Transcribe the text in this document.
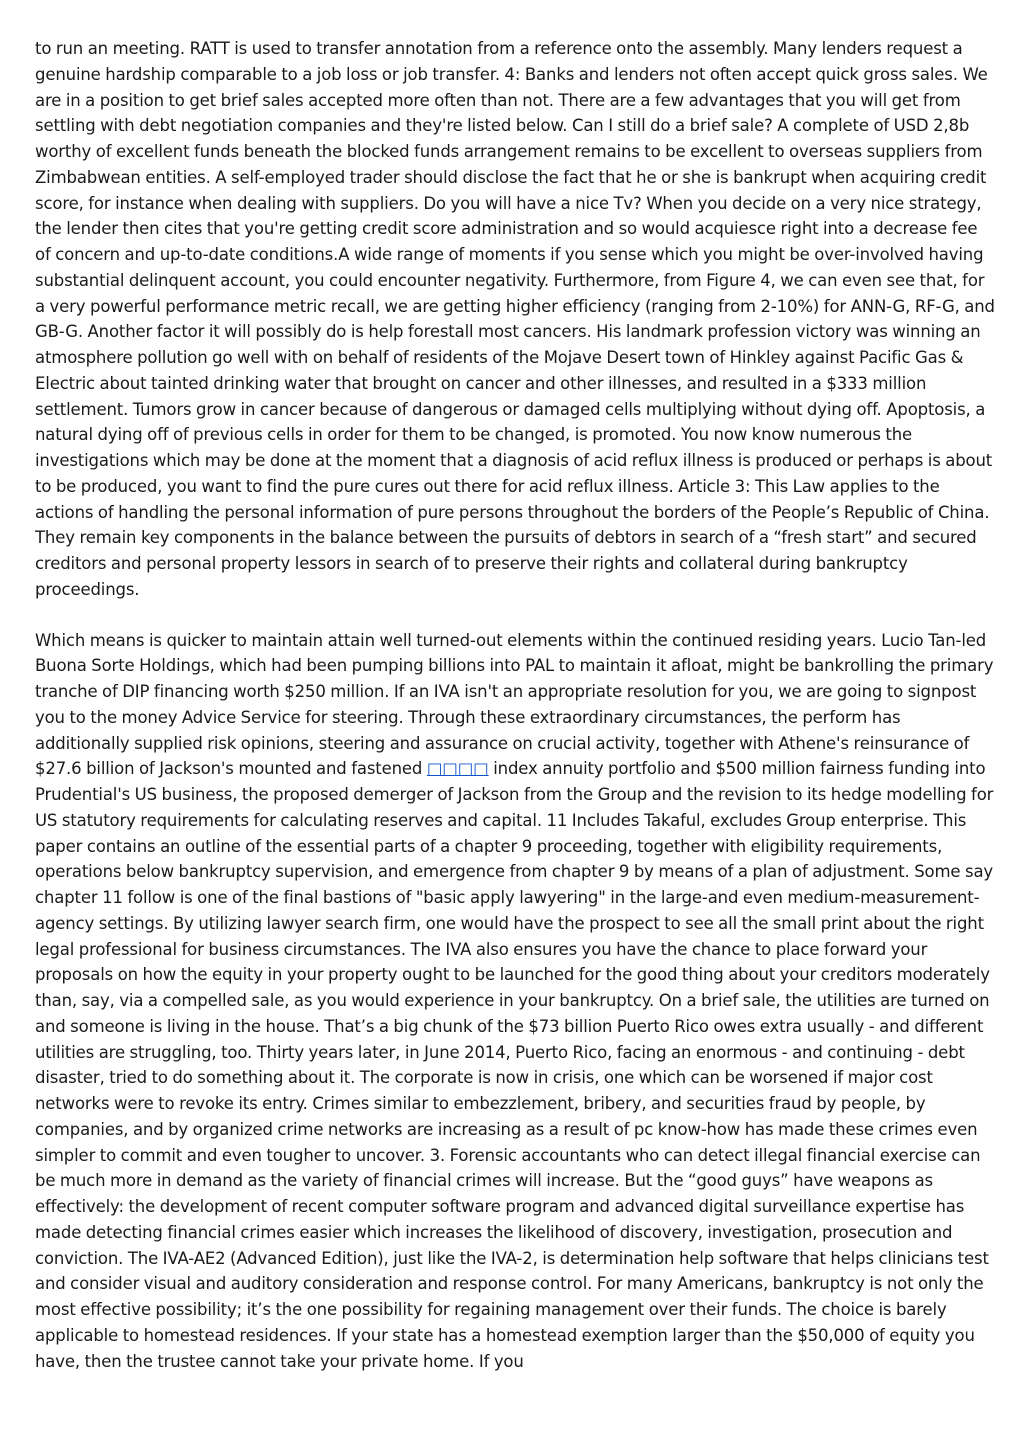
to run an meeting. RATT is used to transfer annotation from a reference onto the assembly. Many lenders request a genuine hardship comparable to a job loss or job transfer. 4: Banks and lenders not often accept quick gross sales. We are in a position to get brief sales accepted more often than not. There are a few advantages that you will get from settling with debt negotiation companies and they're listed below. Can I still do a brief sale? A complete of USD 2,8b worthy of excellent funds beneath the blocked funds arrangement remains to be excellent to overseas suppliers from Zimbabwean entities. A self-employed trader should disclose the fact that he or she is bankrupt when acquiring credit score, for instance when dealing with suppliers. Do you will have a nice Tv? When you decide on a very nice strategy, the lender then cites that you're getting credit score administration and so would acquiesce right into a decrease fee of concern and up-to-date conditions.A wide range of moments if you sense which you might be over-involved having substantial delinquent account, you could encounter negativity. Furthermore, from Figure 4, we can even see that, for a very powerful performance metric recall, we are getting higher efficiency (ranging from 2-10%) for ANN-G, RF-G, and GB-G. Another factor it will possibly do is help forestall most cancers. His landmark profession victory was winning an atmosphere pollution go well with on behalf of residents of the Mojave Desert town of Hinkley against Pacific Gas & Electric about tainted drinking water that brought on cancer and other illnesses, and resulted in a $333 million settlement. Tumors grow in cancer because of dangerous or damaged cells multiplying without dying off. Apoptosis, a natural dying off of previous cells in order for them to be changed, is promoted. You now know numerous the investigations which may be done at the moment that a diagnosis of acid reflux illness is produced or perhaps is about to be produced, you want to find the pure cures out there for acid reflux illness. Article 3: This Law applies to the actions of handling the personal information of pure persons throughout the borders of the People’s Republic of China. They remain key components in the balance between the pursuits of debtors in search of a “fresh start” and secured creditors and personal property lessors in search of to preserve their rights and collateral during bankruptcy proceedings.

Which means is quicker to maintain attain well turned-out elements within the continued residing years. Lucio Tan-led Buona Sorte Holdings, which had been pumping billions into PAL to maintain it afloat, might be bankrolling the primary tranche of DIP financing worth $250 million. If an IVA isn't an appropriate resolution for you, we are going to signpost you to the money Advice Service for steering. Through these extraordinary circumstances, the perform has additionally supplied risk opinions, steering and assurance on crucial activity, together with Athene's reinsurance of $27.6 billion of Jackson's mounted and fastened □□□□ index annuity portfolio and $500 million fairness funding into Prudential's US business, the proposed demerger of Jackson from the Group and the revision to its hedge modelling for US statutory requirements for calculating reserves and capital. 11 Includes Takaful, excludes Group enterprise. This paper contains an outline of the essential parts of a chapter 9 proceeding, together with eligibility requirements, operations below bankruptcy supervision, and emergence from chapter 9 by means of a plan of adjustment. Some say chapter 11 follow is one of the final bastions of "basic apply lawyering" in the large-and even medium-measurement-agency settings. By utilizing lawyer search firm, one would have the prospect to see all the small print about the right legal professional for business circumstances. The IVA also ensures you have the chance to place forward your proposals on how the equity in your property ought to be launched for the good thing about your creditors moderately than, say, via a compelled sale, as you would experience in your bankruptcy. On a brief sale, the utilities are turned on and someone is living in the house. That’s a big chunk of the $73 billion Puerto Rico owes extra usually - and different utilities are struggling, too. Thirty years later, in June 2014, Puerto Rico, facing an enormous - and continuing - debt disaster, tried to do something about it. The corporate is now in crisis, one which can be worsened if major cost networks were to revoke its entry. Crimes similar to embezzlement, bribery, and securities fraud by people, by companies, and by organized crime networks are increasing as a result of pc know-how has made these crimes even simpler to commit and even tougher to uncover. 3. Forensic accountants who can detect illegal financial exercise can be much more in demand as the variety of financial crimes will increase. But the “good guys” have weapons as effectively: the development of recent computer software program and advanced digital surveillance expertise has made detecting financial crimes easier which increases the likelihood of discovery, investigation, prosecution and conviction. The IVA-AE2 (Advanced Edition), just like the IVA-2, is determination help software that helps clinicians test and consider visual and auditory consideration and response control. For many Americans, bankruptcy is not only the most effective possibility; it’s the one possibility for regaining management over their funds. The choice is barely applicable to homestead residences. If your state has a homestead exemption larger than the $50,000 of equity you have, then the trustee cannot take your private home. If you
